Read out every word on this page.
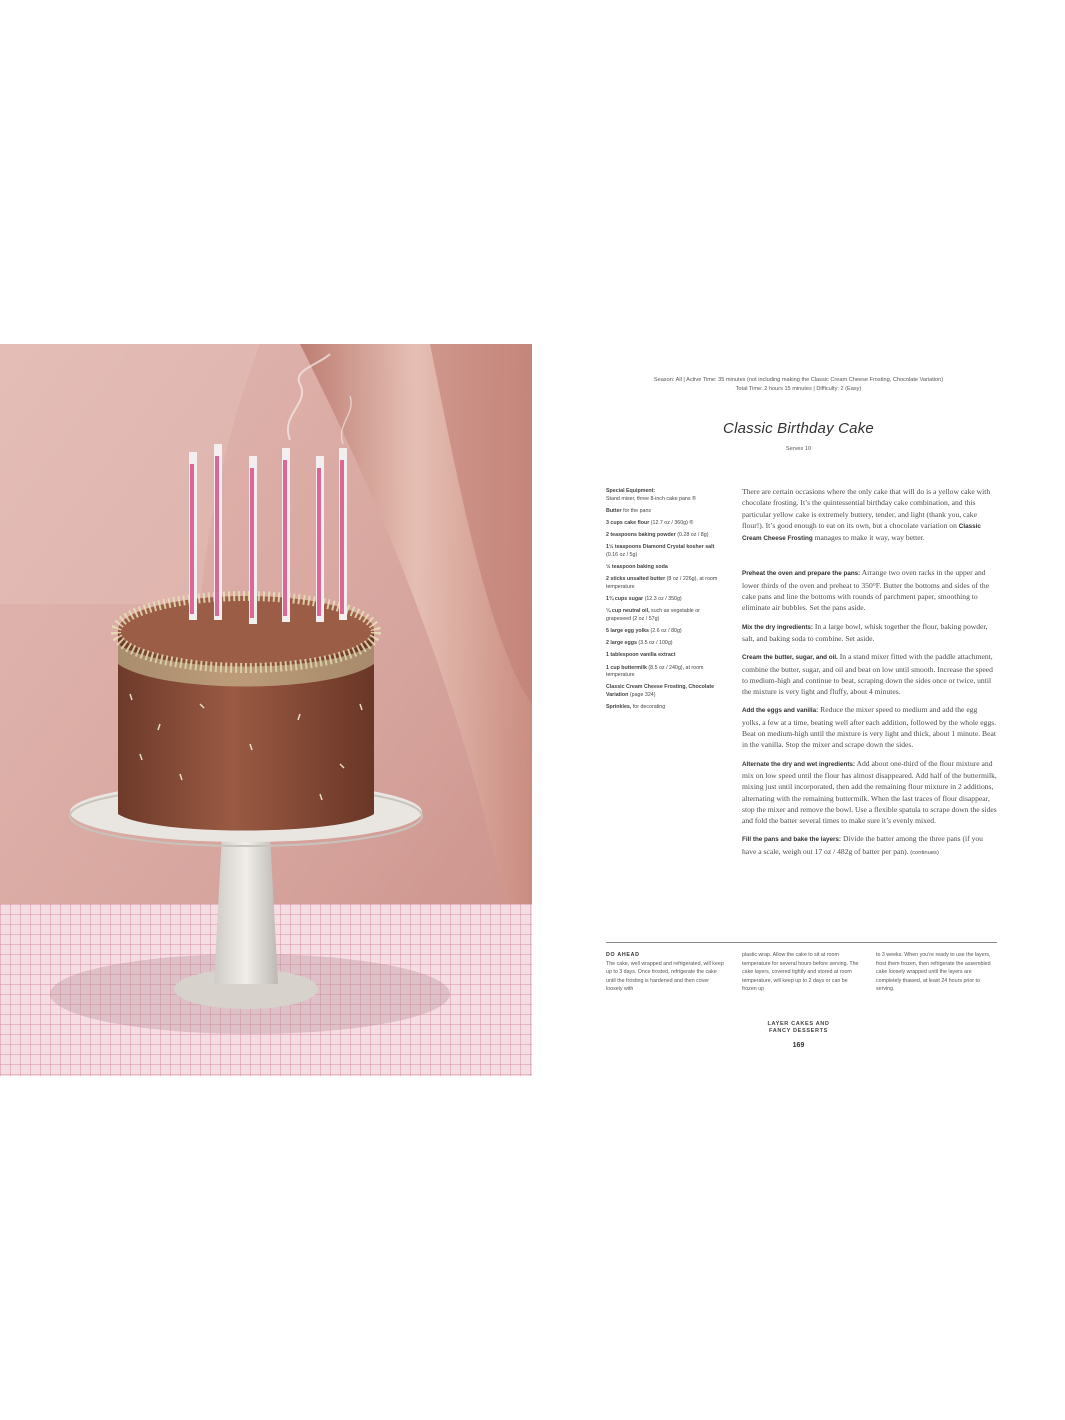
Season: All | Active Time: 35 minutes (not including making the Classic Cream Cheese Frosting, Chocolate Variation)
Total Time: 2 hours 15 minutes | Difficulty: 2 (Easy)
Classic Birthday Cake
Serves 10
Special Equipment:
Stand mixer, three 8-inch cake pans ®
Butter for the pans
3 cups cake flour (12.7 oz / 360g) ®
2 teaspoons baking powder (0.28 oz / 8g)
1½ teaspoons Diamond Crystal kosher salt (0.16 oz / 5g)
½ teaspoon baking soda
2 sticks unsalted butter (8 oz / 226g), at room temperature
1¾ cups sugar (12.3 oz / 350g)
¼ cup neutral oil, such as vegetable or grapeseed (2 oz / 57g)
5 large egg yolks (2.6 oz / 80g)
2 large eggs (3.5 oz / 100g)
1 tablespoon vanilla extract
1 cup buttermilk (8.5 oz / 240g), at room temperature
Classic Cream Cheese Frosting, Chocolate Variation (page 324)
Sprinkles, for decorating

There are certain occasions where the only cake that will do is a yellow cake with chocolate frosting. It’s the quintessential birthday cake combination, and this particular yellow cake is extremely buttery, tender, and light (thank you, cake flour!). It’s good enough to eat on its own, but a chocolate variation on Classic Cream Cheese Frosting manages to make it way, way better.

Preheat the oven and prepare the pans: Arrange two oven racks in the upper and lower thirds of the oven and preheat to 350°F. Butter the bottoms and sides of the cake pans and line the bottoms with rounds of parchment paper, smoothing to eliminate air bubbles. Set the pans aside.

Mix the dry ingredients: In a large bowl, whisk together the flour, baking powder, salt, and baking soda to combine. Set aside.

Cream the butter, sugar, and oil. In a stand mixer fitted with the paddle attachment, combine the butter, sugar, and oil and beat on low until smooth. Increase the speed to medium-high and continue to beat, scraping down the sides once or twice, until the mixture is very light and fluffy, about 4 minutes.

Add the eggs and vanilla: Reduce the mixer speed to medium and add the egg yolks, a few at a time, beating well after each addition, followed by the whole eggs. Beat on medium-high until the mixture is very light and thick, about 1 minute. Beat in the vanilla. Stop the mixer and scrape down the sides.

Alternate the dry and wet ingredients: Add about one-third of the flour mixture and mix on low speed until the flour has almost disappeared. Add half of the buttermilk, mixing just until incorporated, then add the remaining flour mixture in 2 additions, alternating with the remaining buttermilk. When the last traces of flour disappear, stop the mixer and remove the bowl. Use a flexible spatula to scrape down the sides and fold the batter several times to make sure it’s evenly mixed.

Fill the pans and bake the layers: Divide the batter among the three pans (if you have a scale, weigh out 17 oz / 482g of batter per pan). (continues)

DO AHEAD
The cake, well wrapped and refrigerated, will keep up to 3 days. Once frosted, refrigerate the cake until the frosting is hardened and then cover loosely with
plastic wrap. Allow the cake to sit at room temperature for several hours before serving. The cake layers, covered tightly and stored at room temperature, will keep up to 2 days or can be frozen up
to 3 weeks. When you’re ready to use the layers, frost them frozen, then refrigerate the assembled cake loosely wrapped until the layers are completely thawed, at least 24 hours prior to serving.
LAYER CAKES AND
FANCY DESSERTS
169
